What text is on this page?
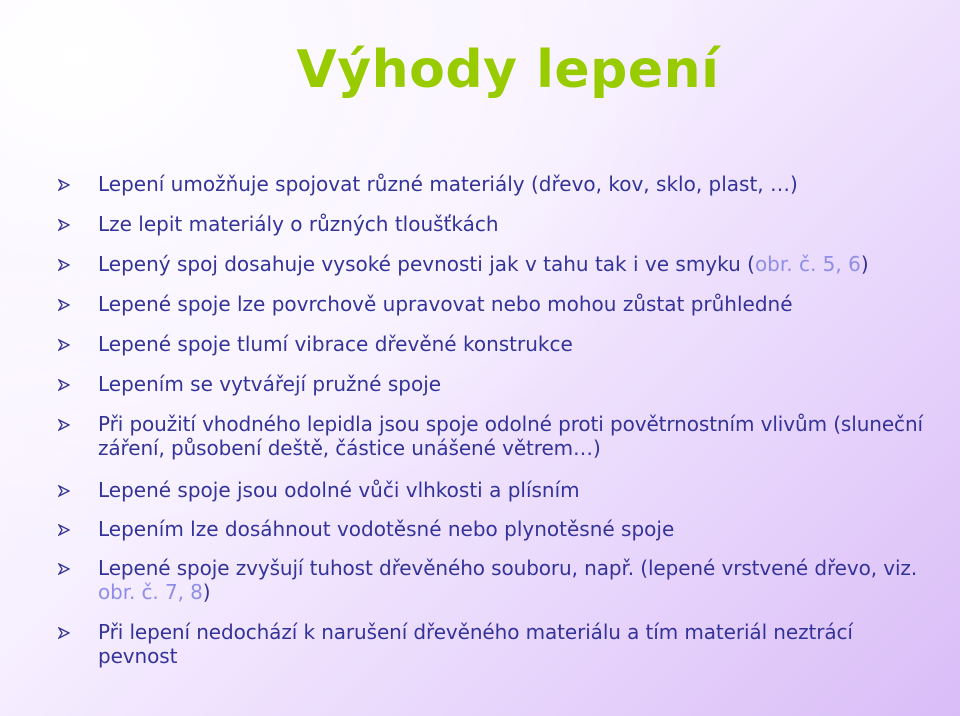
Výhody lepení
Lepení umožňuje spojovat různé materiály (dřevo, kov, sklo, plast, …)
Lze lepit materiály o různých tloušťkách
Lepený spoj dosahuje vysoké pevnosti jak v tahu tak i ve smyku (obr. č. 5, 6)
Lepené spoje lze povrchově upravovat nebo mohou zůstat průhledné
Lepené spoje tlumí vibrace dřevěné konstrukce
Lepením se vytvářejí pružné spoje
Při použití vhodného lepidla jsou spoje odolné proti povětrnostním vlivům (sluneční záření, působení deště, částice unášené větrem…)
Lepené spoje jsou odolné vůči vlhkosti a plísním
Lepením lze dosáhnout vodotěsné nebo plynotěsné spoje
Lepené spoje zvyšují tuhost dřevěného souboru, např. (lepené vrstvené dřevo, viz. obr. č. 7, 8)
Při lepení nedochází k narušení dřevěného materiálu a tím materiál neztrácí pevnost
